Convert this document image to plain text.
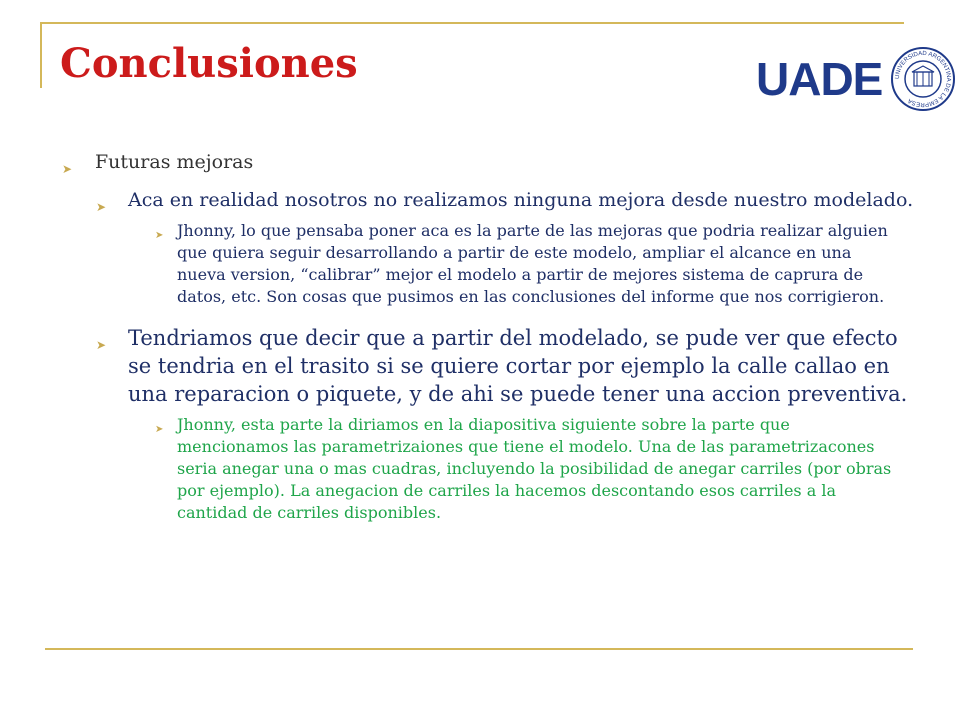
Conclusiones	UADE UNIVERSIDAD ARGENTINA DE LA EMPRESA
➤ Futuras mejoras
➤ Aca en realidad nosotros no realizamos ninguna mejora desde nuestro modelado.
➤ Jhonny, lo que pensaba poner aca es la parte de las mejoras que podria realizar alguien que quiera seguir desarrollando a partir de este modelo, ampliar el alcance en una nueva version, “calibrar” mejor el modelo a partir de mejores sistema de caprura de datos, etc. Son cosas que pusimos en las conclusiones del informe que nos corrigieron.
➤ Tendriamos que decir que a partir del modelado, se pude ver que efecto se tendria en el trasito si se quiere cortar por ejemplo la calle callao en una reparacion o piquete, y de ahi se puede tener una accion preventiva.
➤ Jhonny, esta parte la diriamos en la diapositiva siguiente sobre la parte que mencionamos las parametrizaiones que tiene el modelo. Una de las parametrizacones seria anegar una o mas cuadras, incluyendo la posibilidad de anegar carriles (por obras por ejemplo). La anegacion de carriles la hacemos descontando esos carriles a la cantidad de carriles disponibles.
